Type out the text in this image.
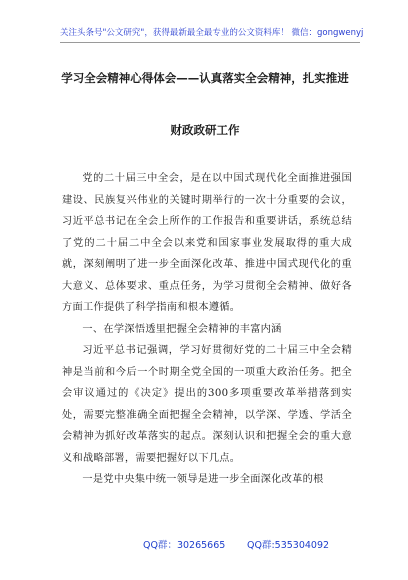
关注头条号"公文研究"，获得最新最全最专业的公文资料库！ 微信：gongwenyj
学习全会精神心得体会——认真落实全会精神，扎实推进
财政政研工作

党的二十届三中全会，是在以中国式现代化全面推进强国建设、民族复兴伟业的关键时期举行的一次十分重要的会议，习近平总书记在全会上所作的工作报告和重要讲话，系统总结了党的二十届二中全会以来党和国家事业发展取得的重大成就，深刻阐明了进一步全面深化改革、推进中国式现代化的重大意义、总体要求、重点任务，为学习贯彻全会精神、做好各方面工作提供了科学指南和根本遵循。

一、在学深悟透里把握全会精神的丰富内涵

习近平总书记强调，学习好贯彻好党的二十届三中全会精神是当前和今后一个时期全党全国的一项重大政治任务。把全会审议通过的《决定》提出的300多项重要改革举措落到实处，需要完整准确全面把握全会精神，以学深、学透、学活全会精神为抓好改革落实的起点。深刻认识和把握全会的重大意义和战略部署，需要把握好以下几点。

一是党中央集中统一领导是进一步全面深化改革的根

QQ群：30265665 QQ群:535304092
